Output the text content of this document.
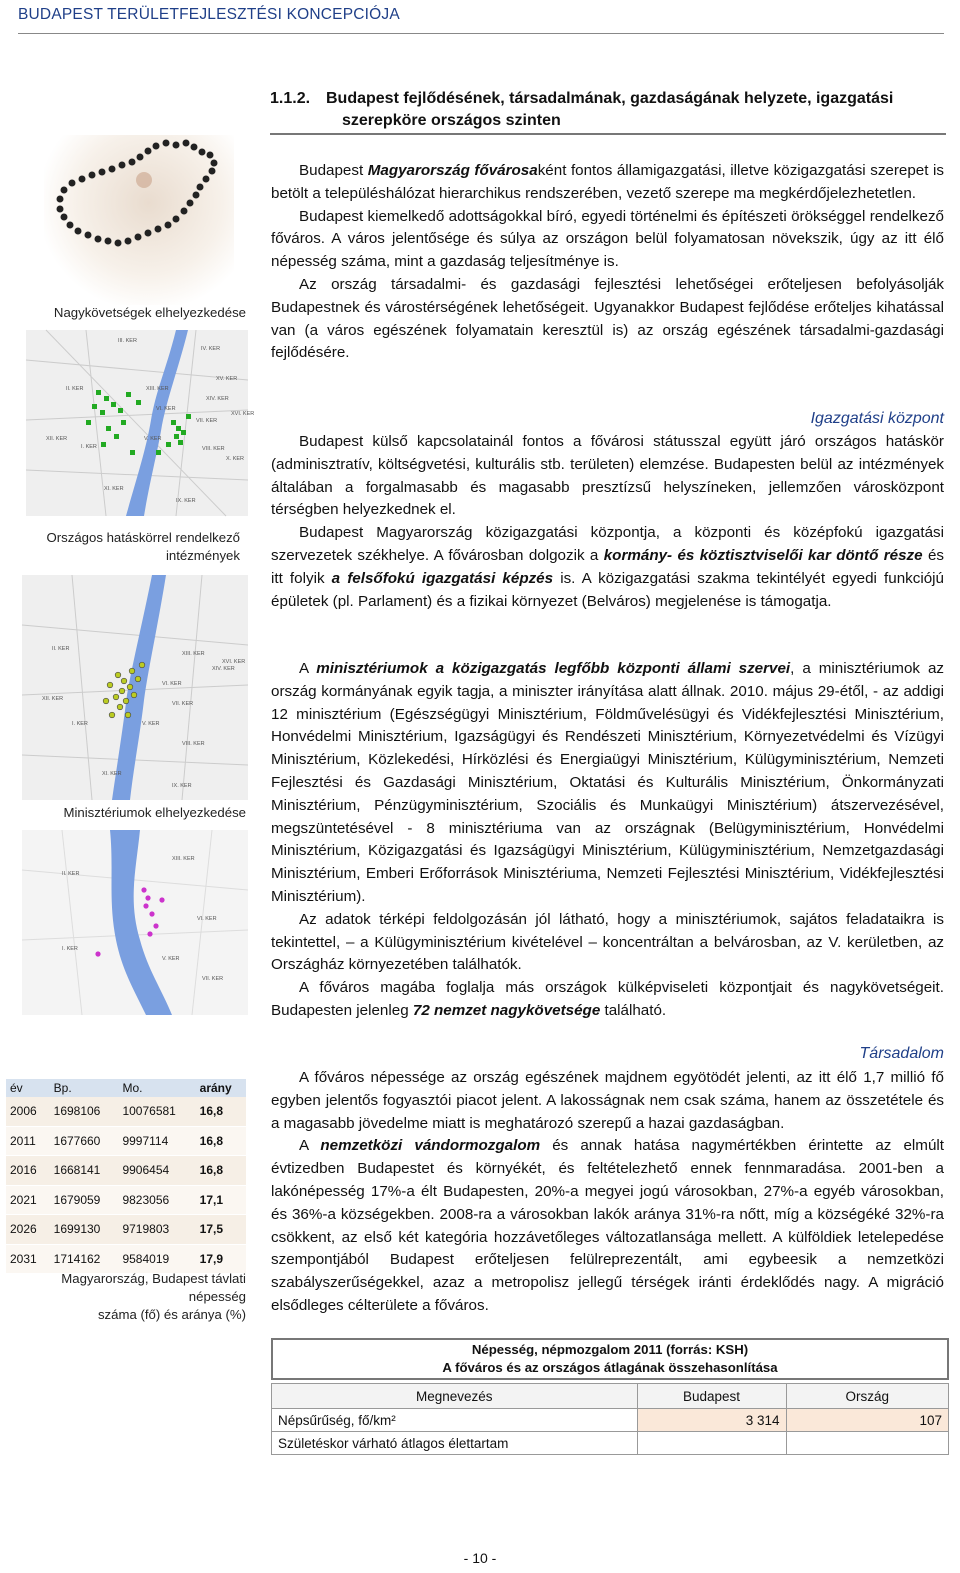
BUDAPEST TERÜLETFEJLESZTÉSI KONCEPCIÓJA
1.1.2. Budapest fejlődésének, társadalmának, gazdaságának helyzete, igazgatási
szerepköre országos szinten
Nagykövetségek elhelyezkedése
III. KER
IV. KER
XV. KER
II. KER	XIII. KER
XIV. KER
XII. KER
VI. KER
VII. KER
XVI. KER
I. KER
V. KER
VIII. KER
X. KER
XI. KER
IX. KER
Országos hatáskörrel rendelkező
intézmények
II. KER
XIII. KER
XIV. KER
XII. KER
VI. KER
VII. KER
I. KER	V. KER
VIII. KER
XI. KER
IX. KER
XVI. KER
Minisztériumok elhelyezkedése
II. KER
XIII. KER
VI. KER
I. KER
V. KER
VII. KER
év	Bp.	Mo.	arány
2006	1698106	10076581	16,8
2011	1677660	9997114	16,8
2016	1668141	9906454	16,8
2021	1679059	9823056	17,1
2026	1699130	9719803	17,5
2031	1714162	9584019	17,9
Magyarország, Budapest távlati népesség
száma (fő) és aránya (%)

Budapest Magyarország fővárosaként fontos államigazgatási, illetve közigazgatási szerepet is betölt a településhálózat hierarchikus rendszerében, vezető szerepe ma megkérdőjelezhetetlen.

Budapest kiemelkedő adottságokkal bíró, egyedi történelmi és építészeti örökséggel rendelkező főváros. A város jelentősége és súlya az országon belül folyamatosan növekszik, úgy az itt élő népesség száma, mint a gazdaság teljesítménye is.

Az ország társadalmi- és gazdasági fejlesztési lehetőségei erőteljesen befolyásolják Budapestnek és várostérségének lehetőségeit. Ugyanakkor Budapest fejlődése erőteljes kihatással van (a város egészének folyamatain keresztül is) az ország egészének társadalmi-gazdasági fejlődésére.

Igazgatási központ

Budapest külső kapcsolatainál fontos a fővárosi státusszal együtt járó országos hatáskör (adminisztratív, költségvetési, kulturális stb. területen) elemzése. Budapesten belül az intézmények általában a forgalmasabb és magasabb presztízsű helyszíneken, jellemzően városközpont térségben helyezkednek el.

Budapest Magyarország közigazgatási központja, a központi és középfokú igazgatási szervezetek székhelye. A fővárosban dolgozik a kormány- és köztisztviselői kar döntő része és itt folyik a felsőfokú igazgatási képzés is. A közigazgatási szakma tekintélyét egyedi funkciójú épületek (pl. Parlament) és a fizikai környezet (Belváros) megjelenése is támogatja.

A minisztériumok a közigazgatás legfőbb központi állami szervei, a minisztériumok az ország kormányának egyik tagja, a miniszter irányítása alatt állnak. 2010. május 29-étől, - az addigi 12 minisztérium (Egészségügyi Minisztérium, Földművelésügyi és Vidékfejlesztési Minisztérium, Honvédelmi Minisztérium, Igazságügyi és Rendészeti Minisztérium, Környezetvédelmi és Vízügyi Minisztérium, Közlekedési, Hírközlési és Energiaügyi Minisztérium, Külügyminisztérium, Nemzeti Fejlesztési és Gazdasági Minisztérium, Oktatási és Kulturális Minisztérium, Önkormányzati Minisztérium, Pénzügyminisztérium, Szociális és Munkaügyi Minisztérium) átszervezésével, megszüntetésével - 8 minisztériuma van az országnak (Belügyminisztérium, Honvédelmi Minisztérium, Közigazgatási és Igazságügyi Minisztérium, Külügyminisztérium, Nemzetgazdasági Minisztérium, Emberi Erőforrások Minisztériuma, Nemzeti Fejlesztési Minisztérium, Vidékfejlesztési Minisztérium).

Az adatok térképi feldolgozásán jól látható, hogy a minisztériumok, sajátos feladataikra is tekintettel, – a Külügyminisztérium kivételével – koncentráltan a belvárosban, az V. kerületben, az Országház környezetében találhatók.

A főváros magába foglalja más országok külképviseleti központjait és nagykövetségeit. Budapesten jelenleg 72 nemzet nagykövetsége található.

Társadalom

A főváros népessége az ország egészének majdnem egyötödét jelenti, az itt élő 1,7 millió fő egyben jelentős fogyasztói piacot jelent. A lakosságnak nem csak száma, hanem az összetétele és a magasabb jövedelme miatt is meghatározó szerepű a hazai gazdaságban.

A nemzetközi vándormozgalom és annak hatása nagymértékben érintette az elmúlt évtizedben Budapestet és környékét, és feltételezhető ennek fennmaradása. 2001-ben a lakónépesség 17%-a élt Budapesten, 20%-a megyei jogú városokban, 27%-a egyéb városokban, és 36%-a községekben. 2008-ra a városokban lakók aránya 31%-ra nőtt, míg a községéké 32%-ra csökkent, az első két kategória hozzávetőleges változatlansága mellett. A külföldiek letelepedése szempontjából Budapest erőteljesen felülreprezentált, ami egybeesik a nemzetközi szabályszerűségekkel, azaz a metropolisz jellegű térségek iránti érdeklődés nagy. A migráció elsődleges célterülete a főváros.

Népesség, népmozgalom 2011 (forrás: KSH)
A főváros és az országos átlagának összehasonlítása
Megnevezés	Budapest	Ország
Népsűrűség, fő/km²	3 314	107
Születéskor várható átlagos élettartam		
- 10 -
